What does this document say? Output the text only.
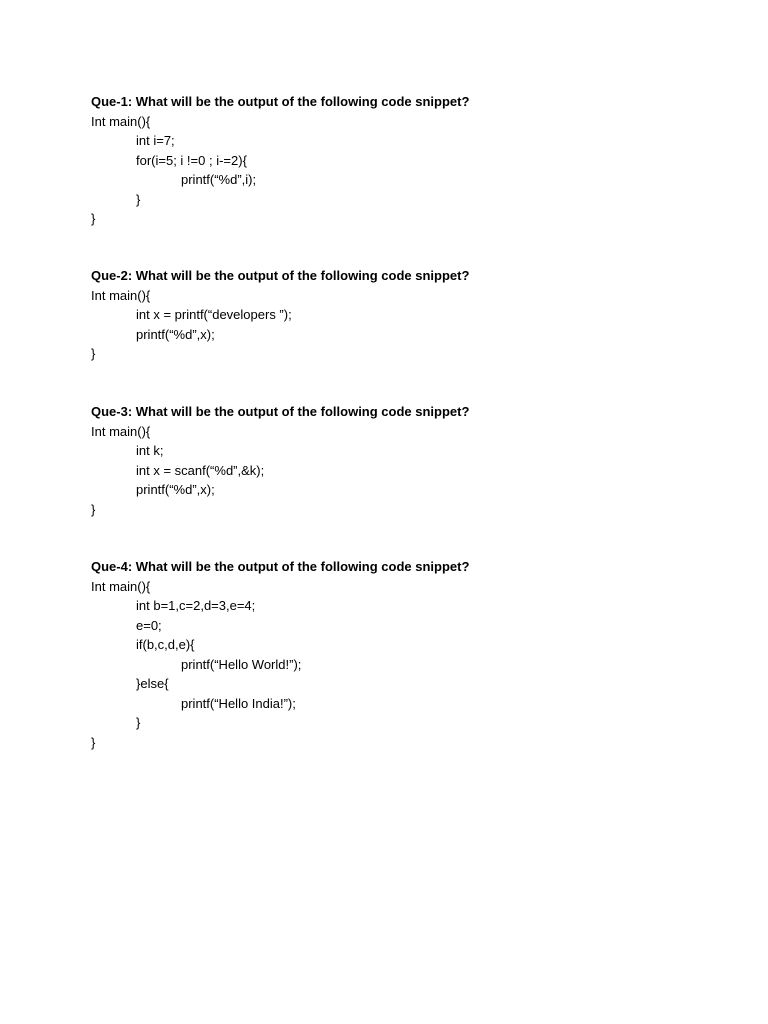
Que-1: What will be the output of the following code snippet?
Int main(){
int i=7;
for(i=5; i !=0 ; i-=2){
printf(“%d”,i);
}
}
Que-2: What will be the output of the following code snippet?
Int main(){
int x = printf(“developers ”);
printf(“%d”,x);
}
Que-3: What will be the output of the following code snippet?
Int main(){
int k;
int x = scanf(“%d”,&k);
printf(“%d”,x);
}
Que-4: What will be the output of the following code snippet?
Int main(){
int b=1,c=2,d=3,e=4;
e=0;
if(b,c,d,e){
printf(“Hello World!”);
}else{
printf(“Hello India!”);
}
}
